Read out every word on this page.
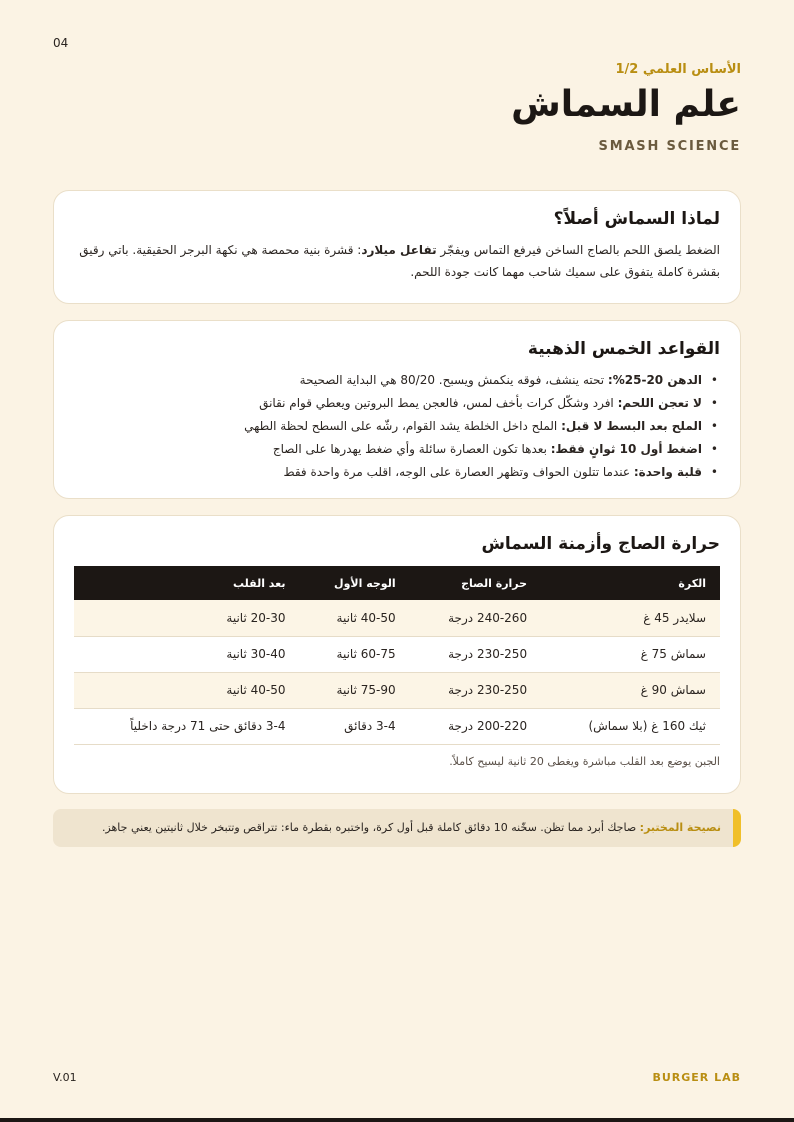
04
الأساس العلمي 1/2
علم السماش
SMASH SCIENCE
لماذا السماش أصلاً؟

الضغط يلصق اللحم بالصاج الساخن فيرفع التماس ويفجّر تفاعل ميلارد: قشرة بنية محمصة هي نكهة البرجر الحقيقية. باتي رقيق بقشرة كاملة يتفوق على سميك شاحب مهما كانت جودة اللحم.

القواعد الخمس الذهبية
• الدهن 20-25%: تحته ينشف، فوقه ينكمش ويسبح. 80/20 هي البداية الصحيحة
• لا تعجن اللحم: افرد وشكّل كرات بأخف لمس، فالعجن يمط البروتين ويعطي قوام نقانق
• الملح بعد البسط لا قبل: الملح داخل الخلطة يشد القوام، رشّه على السطح لحظة الطهي
• اضغط أول 10 ثوانٍ فقط: بعدها تكون العصارة سائلة وأي ضغط يهدرها على الصاج
• قلبة واحدة: عندما تتلون الحواف وتظهر العصارة على الوجه، اقلب مرة واحدة فقط
حرارة الصاج وأزمنة السماش
الكرة	حرارة الصاج	الوجه الأول	بعد القلب
سلايدر 45 غ	240-260 درجة	40-50 ثانية	20-30 ثانية
سماش 75 غ	230-250 درجة	60-75 ثانية	30-40 ثانية
سماش 90 غ	230-250 درجة	75-90 ثانية	40-50 ثانية
ثيك 160 غ (بلا سماش)	200-220 درجة	3-4 دقائق	3-4 دقائق حتى 71 درجة داخلياً
الجبن يوضع بعد القلب مباشرة ويغطى 20 ثانية ليسيح كاملاً.
نصيحة المختبر: صاجك أبرد مما تظن. سخّنه 10 دقائق كاملة قبل أول كرة، واختبره بقطرة ماء: تتراقص وتتبخر خلال ثانيتين يعني جاهز.
BURGER LAB
V.01
